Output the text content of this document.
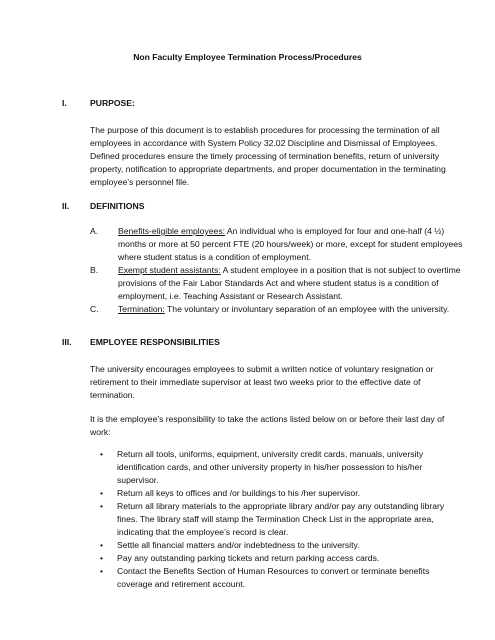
Non Faculty Employee Termination Process/Procedures
I.	PURPOSE:
The purpose of this document is to establish procedures for processing the termination of all employees in accordance with System Policy 32.02 Discipline and Dismissal of Employees. Defined procedures ensure the timely processing of termination benefits, return of university property, notification to appropriate departments, and proper documentation in the terminating employee’s personnel file.
II. DEFINITIONS
A. Benefits-eligible employees: An individual who is employed for four and one-half (4 ½) months or more at 50 percent FTE (20 hours/week) or more, except for student employees where student status is a condition of employment.
B. Exempt student assistants: A student employee in a position that is not subject to overtime provisions of the Fair Labor Standards Act and where student status is a condition of employment, i.e. Teaching Assistant or Research Assistant.
C. Termination: The voluntary or involuntary separation of an employee with the university.
III. EMPLOYEE RESPONSIBILITIES
The university encourages employees to submit a written notice of voluntary resignation or retirement to their immediate supervisor at least two weeks prior to the effective date of termination.
It is the employee’s responsibility to take the actions listed below on or before their last day of work:
• Return all tools, uniforms, equipment, university credit cards, manuals, university identification cards, and other university property in his/her possession to his/her supervisor.
• Return all keys to offices and /or buildings to his /her supervisor.
• Return all library materials to the appropriate library and/or pay any outstanding library fines. The library staff will stamp the Termination Check List in the appropriate area, indicating that the employee’s record is clear.
• Settle all financial matters and/or indebtedness to the university.
• Pay any outstanding parking tickets and return parking access cards.
• Contact the Benefits Section of Human Resources to convert or terminate benefits coverage and retirement account.
